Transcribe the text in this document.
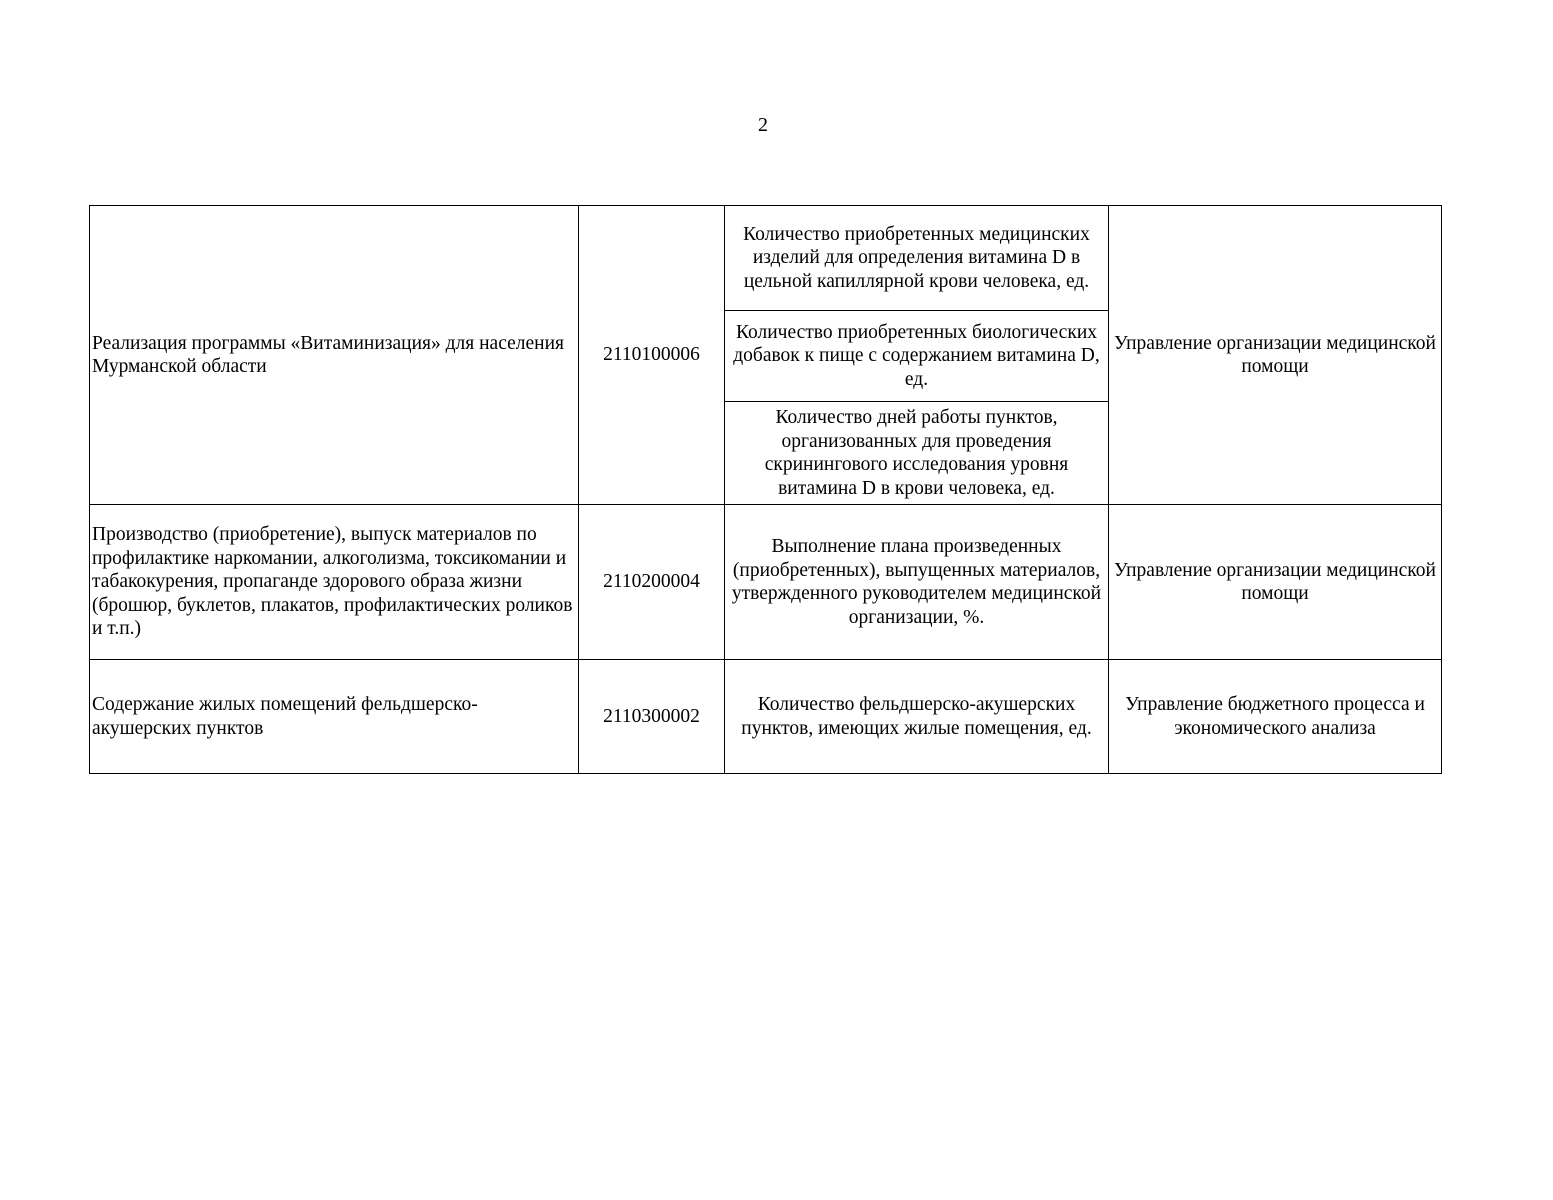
2
Реализация программы «Витаминизация» для населения Мурманской области	2110100006	Количество приобретенных медицинских изделий для определения витамина D в цельной капиллярной крови человека, ед.	Управление организации медицинской помощи
		Количество приобретенных биологических добавок к пище с содержанием витамина D, ед.	
		Количество дней работы пунктов, организованных для проведения скринингового исследования уровня витамина D в крови человека, ед.	
Производство (приобретение), выпуск материалов по профилактике наркомании, алкоголизма, токсикомании и табакокурения, пропаганде здорового образа жизни (брошюр, буклетов, плакатов, профилактических роликов и т.п.)	2110200004	Выполнение плана произведенных (приобретенных), выпущенных материалов, утвержденного руководителем медицинской организации, %.	Управление организации медицинской помощи
Содержание жилых помещений фельдшерско-акушерских пунктов	2110300002	Количество фельдшерско-акушерских пунктов, имеющих жилые помещения, ед.	Управление бюджетного процесса и экономического анализа
